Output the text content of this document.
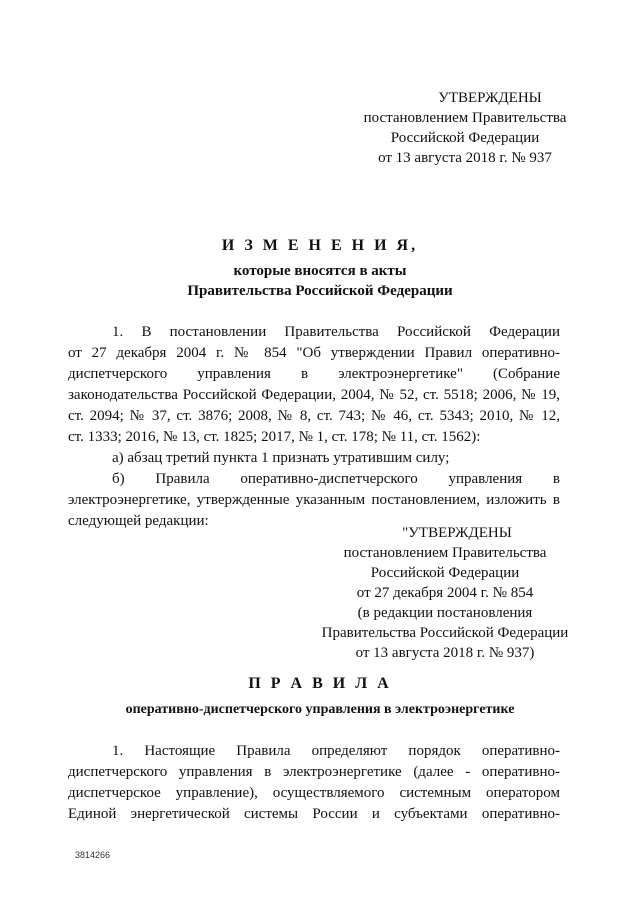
УТВЕРЖДЕНЫ
постановлением Правительства
Российской Федерации
от 13 августа 2018 г. № 937
И З М Е Н Е Н И Я,
которые вносятся в акты
Правительства Российской Федерации
1. В постановлении Правительства Российской Федерации
от 27 декабря 2004 г. № 854 "Об утверждении Правил оперативно-
диспетчерского управления в электроэнергетике" (Собрание
законодательства Российской Федерации, 2004, № 52, ст. 5518; 2006, № 19,
ст. 2094; № 37, ст. 3876; 2008, № 8, ст. 743; № 46, ст. 5343; 2010, № 12,
ст. 1333; 2016, № 13, ст. 1825; 2017, № 1, ст. 178; № 11, ст. 1562):
а) абзац третий пункта 1 признать утратившим силу;
б) Правила оперативно-диспетчерского управления в
электроэнергетике, утвержденные указанным постановлением, изложить в
следующей редакции:
"УТВЕРЖДЕНЫ
постановлением Правительства
Российской Федерации
от 27 декабря 2004 г. № 854
(в редакции постановления
Правительства Российской Федерации
от 13 августа 2018 г. № 937)
П Р А В И Л А
оперативно-диспетчерского управления в электроэнергетике
1. Настоящие Правила определяют порядок оперативно-
диспетчерского управления в электроэнергетике (далее - оперативно-
диспетчерское управление), осуществляемого системным оператором
Единой энергетической системы России и субъектами оперативно-
3814266
